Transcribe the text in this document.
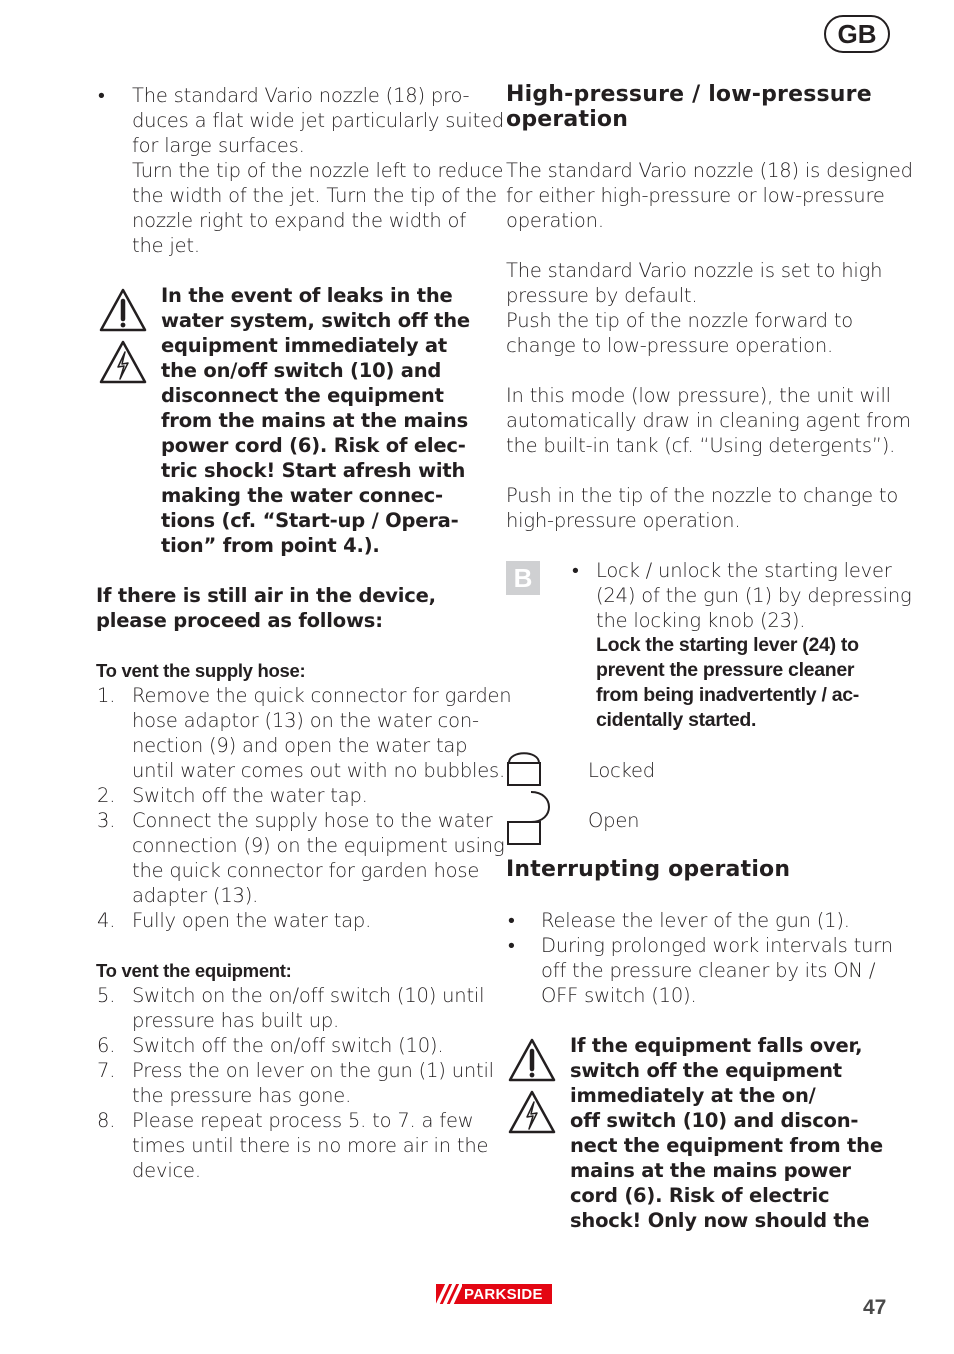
GB
• The standard Vario nozzle (18) pro-
duces a flat wide jet particularly suited
for large surfaces.
Turn the tip of the nozzle left to reduce
the width of the jet. Turn the tip of the
nozzle right to expand the width of
the jet.
In the event of leaks in the
water system, switch off the
equipment immediately at
the on/off switch (10) and
disconnect the equipment
from the mains at the mains
power cord (6). Risk of elec-
tric shock! Start afresh with
making the water connec-
tions (cf. “Start-up / Opera-
tion” from point 4.).
If there is still air in the device,
please proceed as follows:
To vent the supply hose:
1. Remove the quick connector for garden
hose adaptor (13) on the water con-
nection (9) and open the water tap
until water comes out with no bubbles.
2. Switch off the water tap.
3. Connect the supply hose to the water
connection (9) on the equipment using
the quick connector for garden hose
adapter (13).
4. Fully open the water tap.
To vent the equipment:
5. Switch on the on/off switch (10) until
pressure has built up.
6. Switch off the on/off switch (10).
7. Press the on lever on the gun (1) until
the pressure has gone.
8. Please repeat process 5. to 7. a few
times until there is no more air in the
device.
High-pressure / low-pressure
operation
The standard Vario nozzle (18) is designed
for either high-pressure or low-pressure
operation.
The standard Vario nozzle is set to high
pressure by default.
Push the tip of the nozzle forward to
change to low-pressure operation.
In this mode (low pressure), the unit will
automatically draw in cleaning agent from
the built-in tank (cf. “Using detergents”).
Push in the tip of the nozzle to change to
high-pressure operation.
B	• Lock / unlock the starting lever
(24) of the gun (1) by depressing
the locking knob (23).
Lock the starting lever (24) to
prevent the pressure cleaner
from being inadvertently / ac-
cidentally started.
Locked
Open
Interrupting operation
• Release the lever of the gun (1).
• During prolonged work intervals turn
off the pressure cleaner by its ON /
OFF switch (10).
If the equipment falls over,
switch off the equipment
immediately at the on/
off switch (10) and discon-
nect the equipment from the
mains at the mains power
cord (6). Risk of electric
shock! Only now should the
PARKSIDE
47
